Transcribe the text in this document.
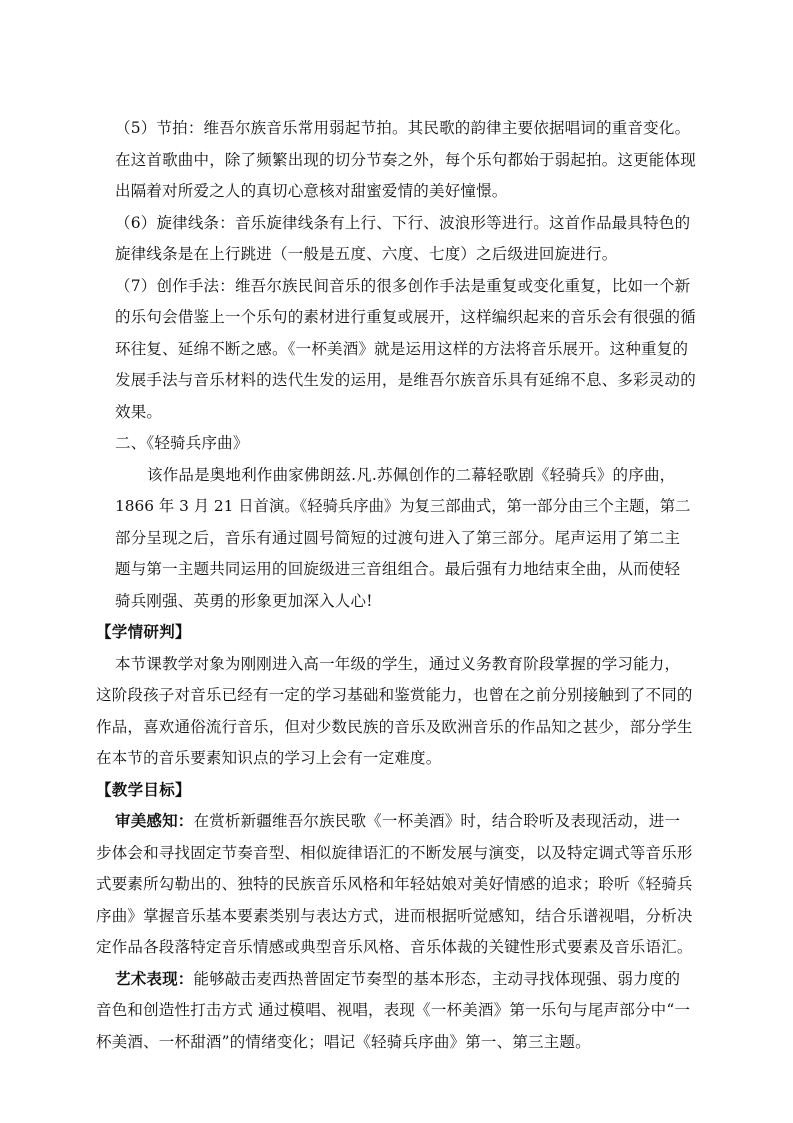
（5）节拍：维吾尔族音乐常用弱起节拍。其民歌的韵律主要依据唱词的重音变化。
在这首歌曲中，除了频繁出现的切分节奏之外，每个乐句都始于弱起拍。这更能体现
出隔着对所爱之人的真切心意核对甜蜜爱情的美好憧憬。
（6）旋律线条：音乐旋律线条有上行、下行、波浪形等进行。这首作品最具特色的
旋律线条是在上行跳进（一般是五度、六度、七度）之后级进回旋进行。
（7）创作手法：维吾尔族民间音乐的很多创作手法是重复或变化重复，比如一个新
的乐句会借鉴上一个乐句的素材进行重复或展开，这样编织起来的音乐会有很强的循
环往复、延绵不断之感。《一杯美酒》就是运用这样的方法将音乐展开。这种重复的
发展手法与音乐材料的迭代生发的运用，是维吾尔族音乐具有延绵不息、多彩灵动的
效果。
二、《轻骑兵序曲》
该作品是奥地利作曲家佛朗兹.凡.苏佩创作的二幕轻歌剧《轻骑兵》的序曲，
1866 年 3 月 21 日首演。《轻骑兵序曲》为复三部曲式，第一部分由三个主题，第二
部分呈现之后，音乐有通过圆号简短的过渡句进入了第三部分。尾声运用了第二主
题与第一主题共同运用的回旋级进三音组组合。最后强有力地结束全曲，从而使轻
骑兵刚强、英勇的形象更加深入人心!
【学情研判】
本节课教学对象为刚刚进入高一年级的学生，通过义务教育阶段掌握的学习能力，
这阶段孩子对音乐已经有一定的学习基础和鉴赏能力，也曾在之前分别接触到了不同的
作品，喜欢通俗流行音乐，但对少数民族的音乐及欧洲音乐的作品知之甚少，部分学生
在本节的音乐要素知识点的学习上会有一定难度。
【教学目标】
审美感知：在赏析新疆维吾尔族民歌《一杯美酒》时，结合聆听及表现活动，进一
步体会和寻找固定节奏音型、相似旋律语汇的不断发展与演变，以及特定调式等音乐形
式要素所勾勒出的、独特的民族音乐风格和年轻姑娘对美好情感的追求；聆听《轻骑兵
序曲》掌握音乐基本要素类别与表达方式，进而根据听觉感知，结合乐谱视唱，分析决
定作品各段落特定音乐情感或典型音乐风格、音乐体裁的关键性形式要素及音乐语汇。
艺术表现：能够敲击麦西热普固定节奏型的基本形态，主动寻找体现强、弱力度的
音色和创造性打击方式 通过模唱、视唱，表现《一杯美酒》第一乐句与尾声部分中“一
杯美酒、一杯甜酒”的情绪变化；唱记《轻骑兵序曲》第一、第三主题。
